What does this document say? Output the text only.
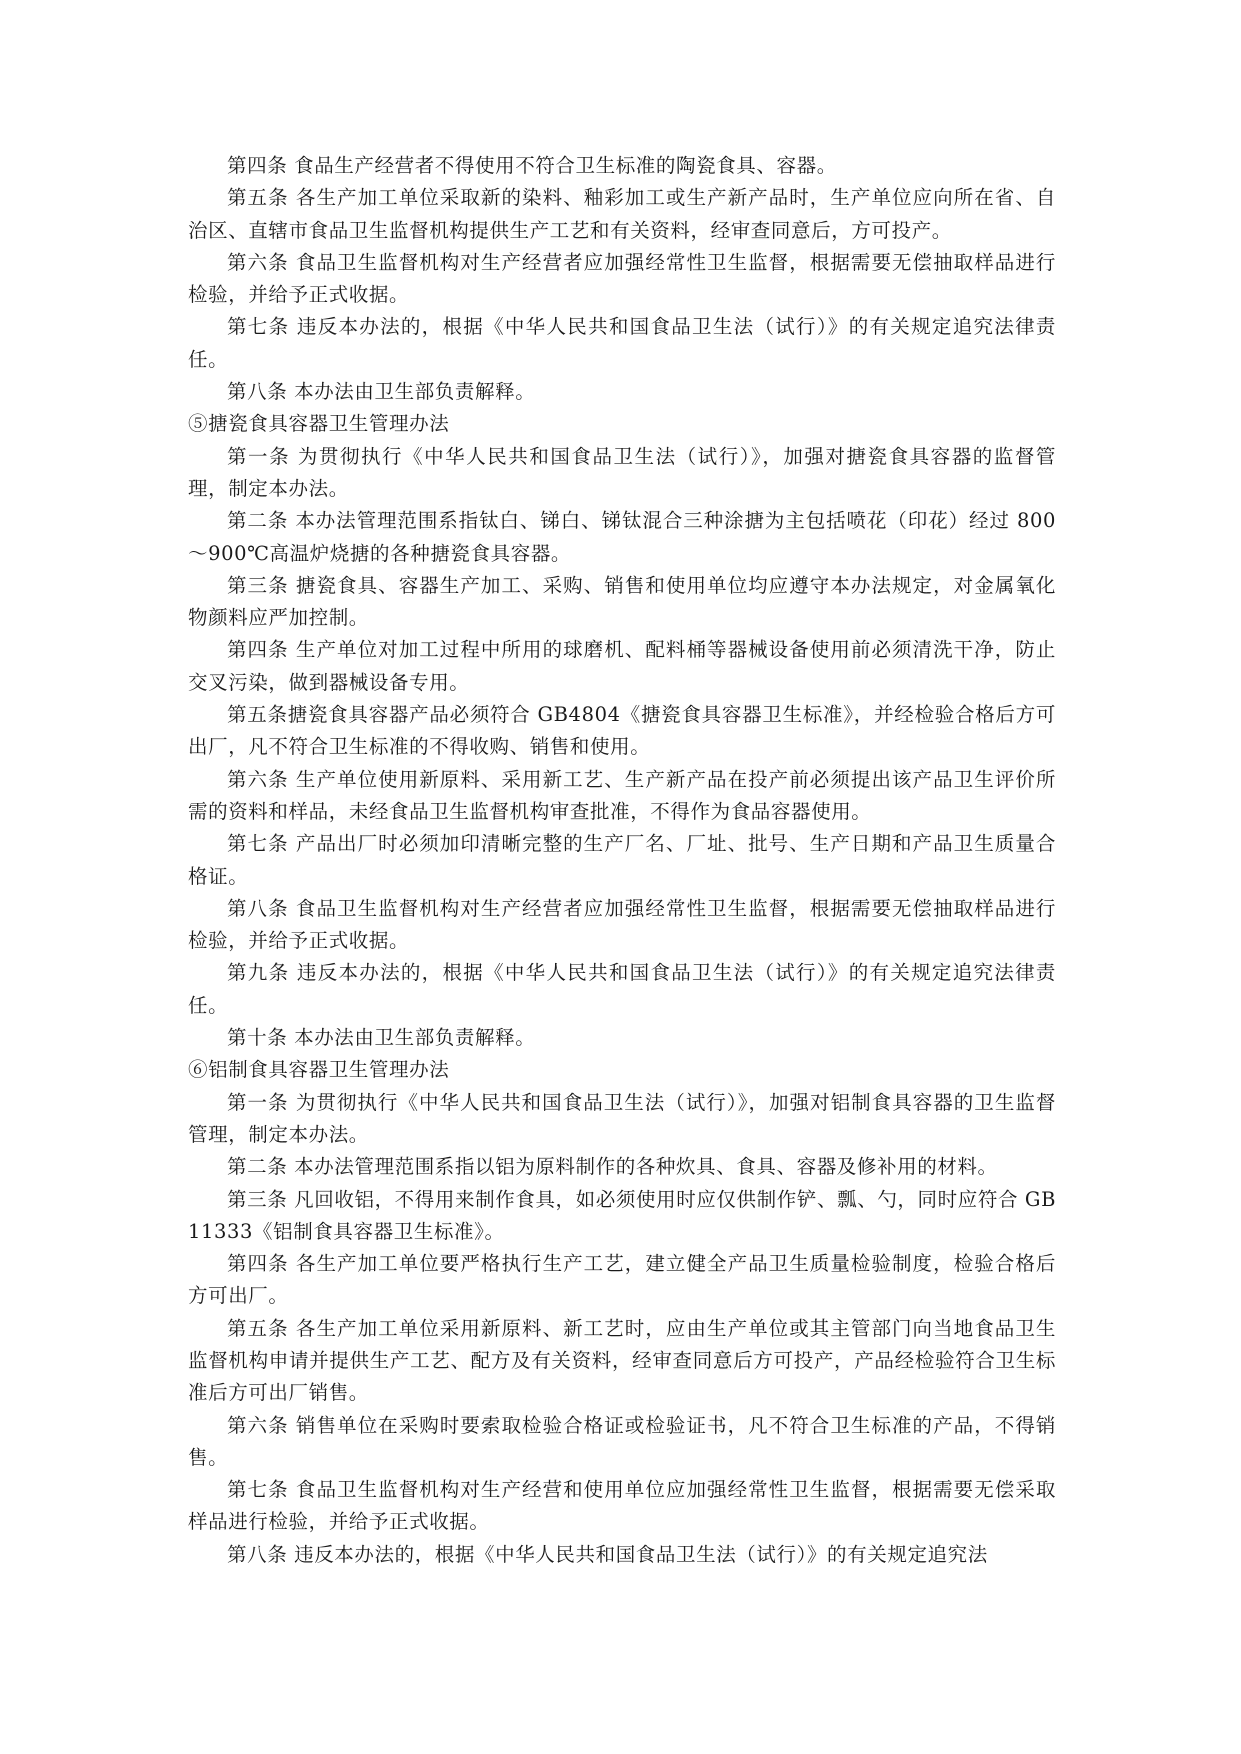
第四条 食品生产经营者不得使用不符合卫生标准的陶瓷食具、容器。

第五条 各生产加工单位采取新的染料、釉彩加工或生产新产品时，生产单位应向所在省、自治区、直辖市食品卫生监督机构提供生产工艺和有关资料，经审查同意后，方可投产。

第六条 食品卫生监督机构对生产经营者应加强经常性卫生监督，根据需要无偿抽取样品进行检验，并给予正式收据。

第七条 违反本办法的，根据《中华人民共和国食品卫生法（试行）》的有关规定追究法律责任。

第八条 本办法由卫生部负责解释。

⑤搪瓷食具容器卫生管理办法

第一条 为贯彻执行《中华人民共和国食品卫生法（试行）》，加强对搪瓷食具容器的监督管理，制定本办法。

第二条 本办法管理范围系指钛白、锑白、锑钛混合三种涂搪为主包括喷花（印花）经过 800～900℃高温炉烧搪的各种搪瓷食具容器。

第三条 搪瓷食具、容器生产加工、采购、销售和使用单位均应遵守本办法规定，对金属氧化物颜料应严加控制。

第四条 生产单位对加工过程中所用的球磨机、配料桶等器械设备使用前必须清洗干净，防止交叉污染，做到器械设备专用。

第五条搪瓷食具容器产品必须符合 GB4804《搪瓷食具容器卫生标准》，并经检验合格后方可出厂，凡不符合卫生标准的不得收购、销售和使用。

第六条 生产单位使用新原料、采用新工艺、生产新产品在投产前必须提出该产品卫生评价所需的资料和样品，未经食品卫生监督机构审查批准，不得作为食品容器使用。

第七条 产品出厂时必须加印清晰完整的生产厂名、厂址、批号、生产日期和产品卫生质量合格证。

第八条 食品卫生监督机构对生产经营者应加强经常性卫生监督，根据需要无偿抽取样品进行检验，并给予正式收据。

第九条 违反本办法的，根据《中华人民共和国食品卫生法（试行）》的有关规定追究法律责任。

第十条 本办法由卫生部负责解释。

⑥铝制食具容器卫生管理办法

第一条 为贯彻执行《中华人民共和国食品卫生法（试行）》，加强对铝制食具容器的卫生监督管理，制定本办法。

第二条 本办法管理范围系指以铝为原料制作的各种炊具、食具、容器及修补用的材料。

第三条 凡回收铝，不得用来制作食具，如必须使用时应仅供制作铲、瓢、勺，同时应符合 GB11333《铝制食具容器卫生标准》。

第四条 各生产加工单位要严格执行生产工艺，建立健全产品卫生质量检验制度，检验合格后方可出厂。

第五条 各生产加工单位采用新原料、新工艺时，应由生产单位或其主管部门向当地食品卫生监督机构申请并提供生产工艺、配方及有关资料，经审查同意后方可投产，产品经检验符合卫生标准后方可出厂销售。

第六条 销售单位在采购时要索取检验合格证或检验证书，凡不符合卫生标准的产品，不得销售。

第七条 食品卫生监督机构对生产经营和使用单位应加强经常性卫生监督，根据需要无偿采取样品进行检验，并给予正式收据。

第八条 违反本办法的，根据《中华人民共和国食品卫生法（试行）》的有关规定追究法
